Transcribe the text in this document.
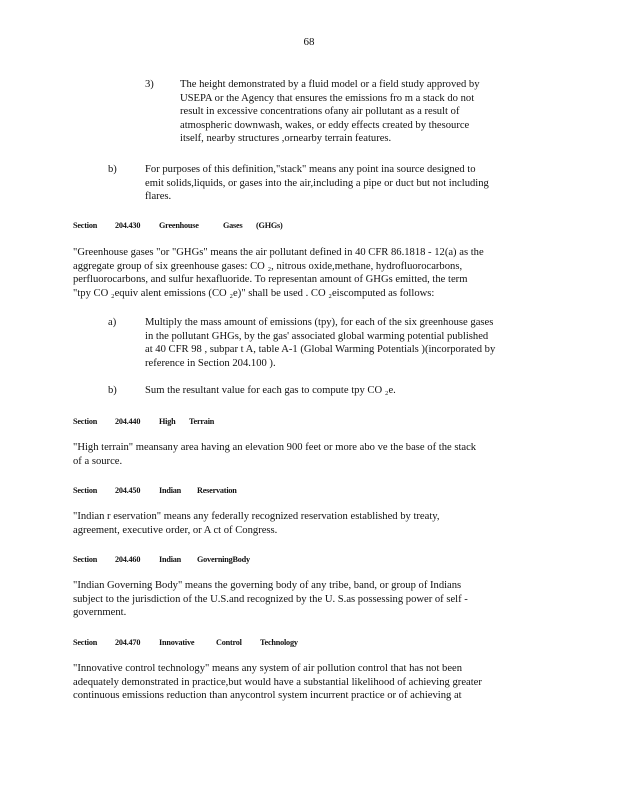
68
3) The height demonstrated by a fluid model or a field study approved by
USEPA or the Agency that ensures the emissions fro m a stack do not
result in excessive concentrations ofany air pollutant as a result of
atmospheric downwash, wakes, or eddy effects created by thesource
itself, nearby structures ,ornearby terrain features.
b)	For purposes of this definition,"stack" means any point ina source designed to
emit solids,liquids, or gases into the air,including a pipe or duct but not including
flares.
Section 204.430 Greenhouse	Gases (GHGs)
"Greenhouse gases "or "GHGs" means the air pollutant defined in 40 CFR 86.1818 - 12(a) as the
aggregate group of six greenhouse gases: CO ₂, nitrous oxide,methane, hydrofluorocarbons,
perfluorocarbons, and sulfur hexafluoride. To representan amount of GHGs emitted, the term
"tpy CO ₂equiv alent emissions (CO ₂e)" shall be used . CO ₂eiscomputed as follows:
a)	Multiply the mass amount of emissions (tpy), for each of the six greenhouse gases
in the pollutant GHGs, by the gas' associated global warming potential published
at 40 CFR 98 , subpar t A, table A-1 (Global Warming Potentials )(incorporated by
reference in Section 204.100 ).
b)	Sum the resultant value for each gas to compute tpy CO ₂e.
Section 204.440 High Terrain
"High terrain" meansany area having an elevation 900 feet or more abo ve the base of the stack
of a source.
Section 204.450 Indian Reservation
"Indian r eservation" means any federally recognized reservation established by treaty,
agreement, executive order, or A ct of Congress.
Section 204.460 Indian GoverningBody
"Indian Governing Body" means the governing body of any tribe, band, or group of Indians
subject to the jurisdiction of the U.S.and recognized by the U. S.as possessing power of self -
government.
Section 204.470 Innovative	Control Technology
"Innovative control technology" means any system of air pollution control that has not been
adequately demonstrated in practice,but would have a substantial likelihood of achieving greater
continuous emissions reduction than anycontrol system incurrent practice or of achieving at
